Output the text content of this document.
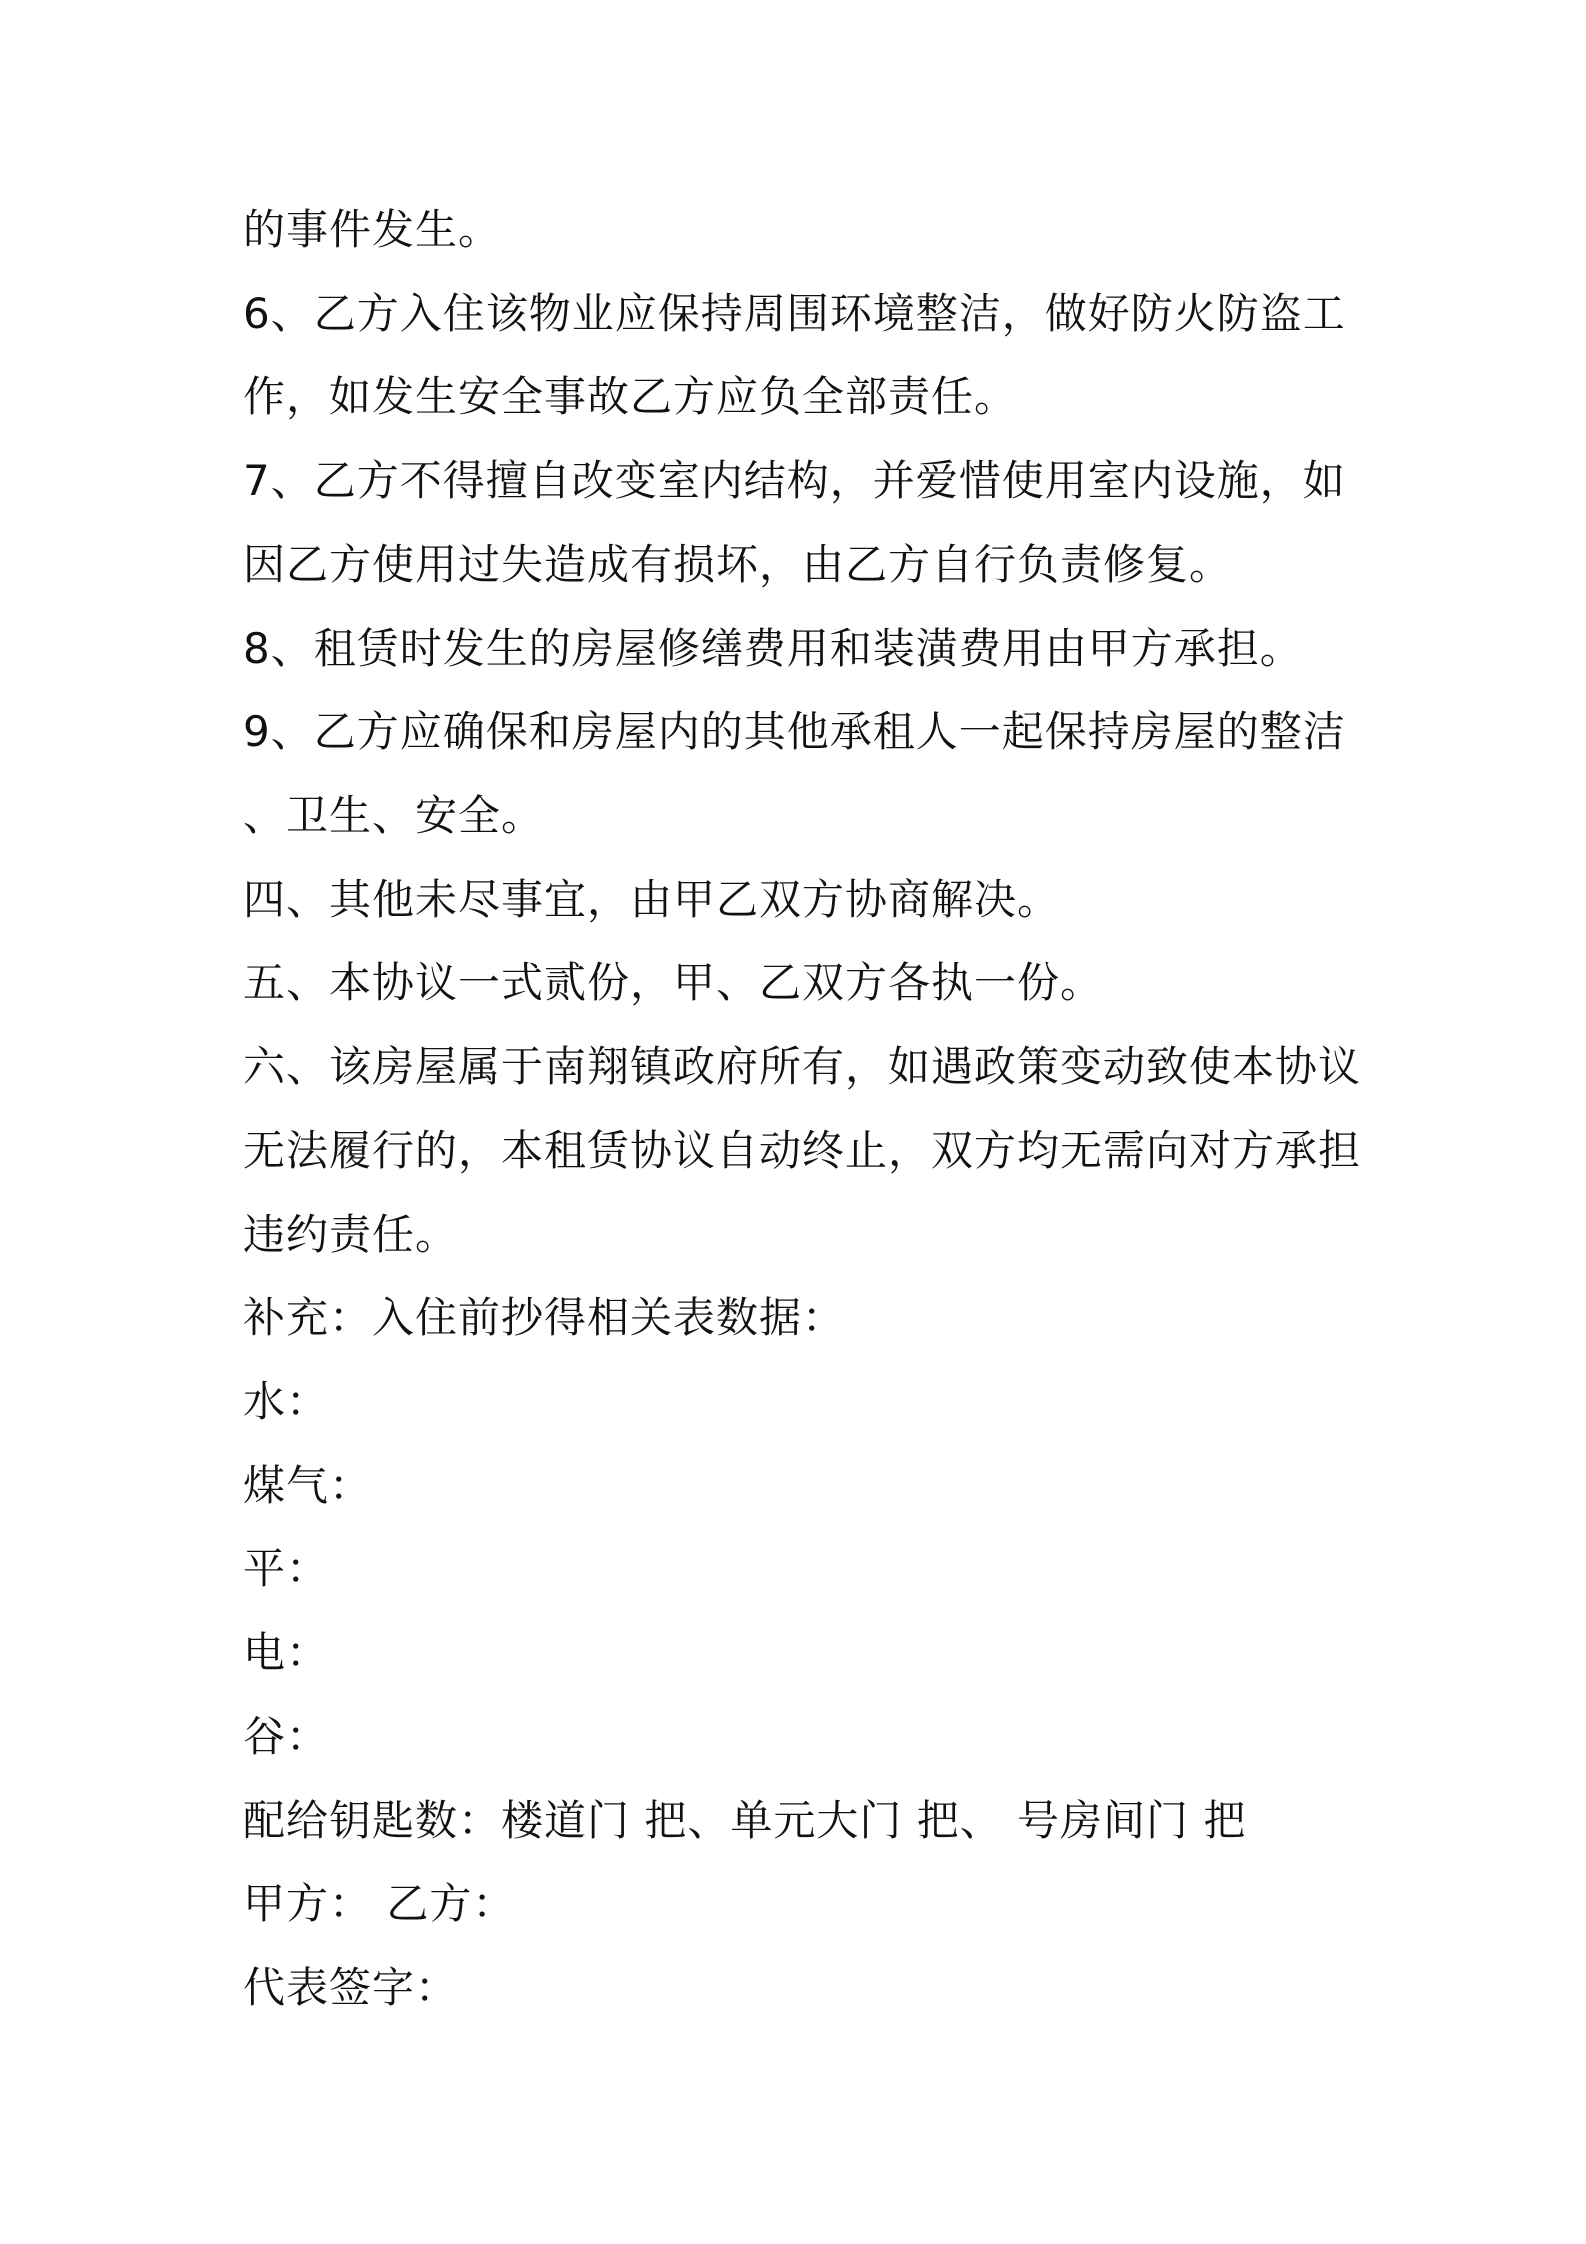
的事件发生。
6、乙方入住该物业应保持周围环境整洁，做好防火防盗工
作，如发生安全事故乙方应负全部责任。
7、乙方不得擅自改变室内结构，并爱惜使用室内设施，如
因乙方使用过失造成有损坏，由乙方自行负责修复。
8、租赁时发生的房屋修缮费用和装潢费用由甲方承担。
9、乙方应确保和房屋内的其他承租人一起保持房屋的整洁
、卫生、安全。
四、其他未尽事宜，由甲乙双方协商解决。
五、本协议一式贰份，甲、乙双方各执一份。
六、该房屋属于南翔镇政府所有，如遇政策变动致使本协议
无法履行的，本租赁协议自动终止，双方均无需向对方承担
违约责任。
补充：入住前抄得相关表数据：
水：
煤气：
平：
电：
谷：
配给钥匙数：楼道门 把、单元大门 把、 号房间门 把
甲方： 乙方：
代表签字：
